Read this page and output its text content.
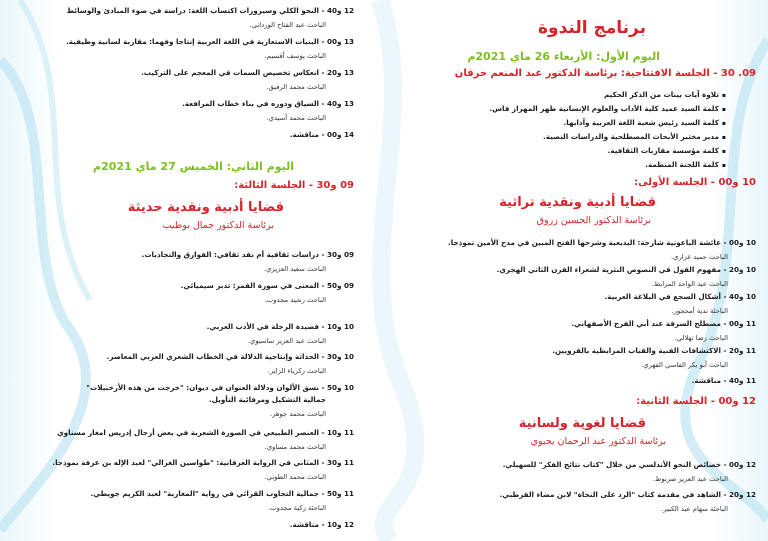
12 و40 - النحو الكلي وسيرورات اكتساب اللغة: دراسة في ضوء المبادئ والوسائط
الباحث عبد الفتاح الورداني.
13 و00 - البنيات الاستعارية في اللغة العربية إنتاجا وفهما: مقاربة لسانية وظيفية.
الباحث يوسف أقسيم.
13 و20 - انعكاس تخصيص السمات في المعجم على التركيب.
الباحث محمد الرفيق.
13 و40 - السياق ودوره في بناء خطاب المرافعة.
الباحث محمد أسيدي.
14 و00 - مناقشة.
اليوم الثاني: الخميس 27 ماي 2021م
09 و30 - الجلسة الثالثة:
قضايا أدبية ونقدية حديثة
برئاسة الدكتور جمال بوطيب
09 و30 - دراسات ثقافية أم نقد ثقافي: الفوارق والتجاذبات.
الباحث سعيد العزيزي.
09 و50 - المعنى في سورة القمر: تدبر سيميائي.
الباحث رشيد مجدوب.
10 و10 - قصيدة الرحلة في الأدب العربي.
الباحث عبد العزيز ساسيوي.
10 و30 - الحداثة وإنتاجية الدلالة في الخطاب الشعري العربي المعاصر.
الباحث زكرياء الزاير.
10 و50 - نسق الألوان ودلالة العنوان في ديوان: "خرجت من هذه الأرخبيلات"
جمالية التشكيل ومرفائية التأويل.
الباحث محمد جوهر.
11 و10 - العنصر الطبيعي في الصورة الشعرية في بعض أزجال إدريس امغار مسناوي
الباحث محمد مساوي.
11 و30 - المثاني في الرواية العرفانية: "طواسين الغزالي" لعبد الإله بن عرفة نموذجا.
الباحث محمد الطوبي.
11 و50 - جمالية التجاوب القرائي في رواية "المغاربة" لعبد الكريم جويطي.
الباحثة زكية مجدوب.
12 و10 - مناقشة.
برنامج الندوة
اليوم الأول: الأربعاء 26 ماي 2021م
09. 30 - الجلسة الافتتاحية: برئاسة الدكتور عبد المنعم حرفان
▪ تلاوة آيات بينات من الذكر الحكيم
▪ كلمة السيد عميد كلية الآداب والعلوم الإنسانية ظهر المهراز فاس.
▪ كلمة السيد رئيس شعبة اللغة العربية وآدابها.
▪ مدير مختبر الأبحاث المصطلحية والدراسات النصية.
▪ كلمة مؤسسة مقاربات الثقافية.
▪ كلمة اللجنة المنظمة.
10 و00 - الجلسة الأولى:
قضايا أدبية ونقدية تراثية
برئاسة الدكتور الحسين زروق
10 و00 - عائشة الباعونية شارحة: البديعية وشرحها الفتح المبين في مدح الأمين نموذجا.
الباحث حميد غزاري.
10 و20 - مفهوم القول في النصوص النثرية لشعراء القرن الثاني الهجري.
الباحث عبد الواحد المرابط.
10 و40 - أشكال السجع في البلاغة العربية.
الباحثة ندية أمحجور.
11 و00 - مصطلح السرقة عند أبي الفرج الأصفهاني.
الباحث رضا تهلالي.
11 و20 - الاكتشافات الفنية والقباب المرابطية بالقرويين.
الباحث أبو بكر الفاسي الفهري.
11 و40 - مناقشة.
12 و00 - الجلسة الثانية:
قضايا لغوية ولسانية
برئاسة الدكتور عبد الرحمان يجيوي
12 و00 - خصائص النحو الأندلسي من خلال "كتاب نتائج الفكر" للسهيلي.
الباحث عبد العزيز صربوط.
12 و20 - الشاهد في مقدمة كتاب "الرد على النحاة" لابن مضاء القرطبي.
الباحثة سهام عبد الكبير.
